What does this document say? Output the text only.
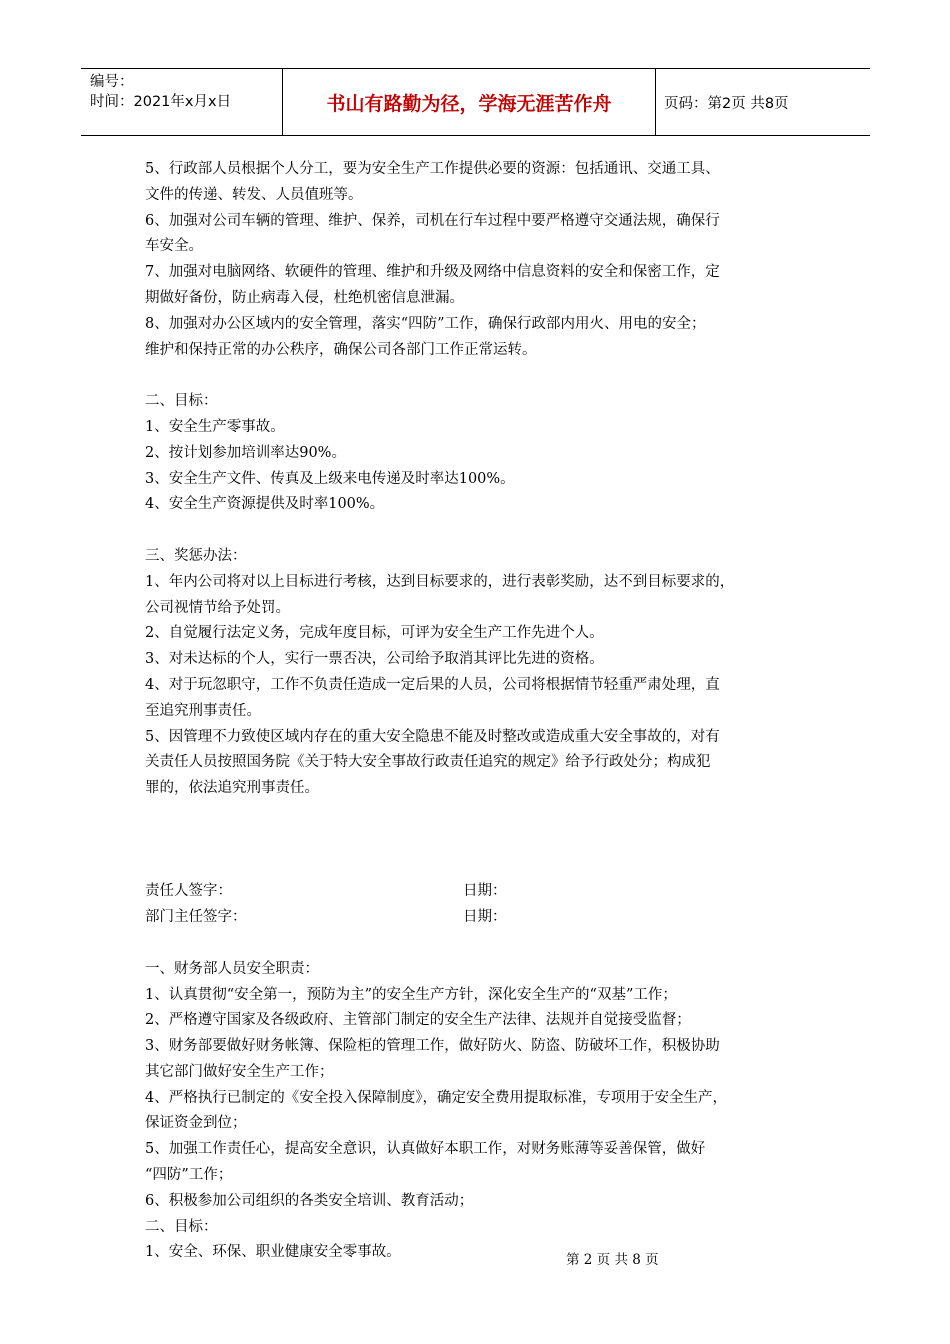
编号：
时间：2021年x月x日	书山有路勤为径，学海无涯苦作舟	页码：第2页 共8页

5、行政部人员根据个人分工，要为安全生产工作提供必要的资源：包括通讯、交通工具、

文件的传递、转发、人员值班等。

6、加强对公司车辆的管理、维护、保养，司机在行车过程中要严格遵守交通法规，确保行

车安全。

7、加强对电脑网络、软硬件的管理、维护和升级及网络中信息资料的安全和保密工作，定

期做好备份，防止病毒入侵，杜绝机密信息泄漏。

8、加强对办公区域内的安全管理，落实“四防”工作，确保行政部内用火、用电的安全；

维护和保持正常的办公秩序，确保公司各部门工作正常运转。

二、目标：

1、安全生产零事故。

2、按计划参加培训率达90%。

3、安全生产文件、传真及上级来电传递及时率达100%。

4、安全生产资源提供及时率100%。

三、奖惩办法：

1、年内公司将对以上目标进行考核，达到目标要求的，进行表彰奖励，达不到目标要求的，

公司视情节给予处罚。

2、自觉履行法定义务，完成年度目标，可评为安全生产工作先进个人。

3、对未达标的个人，实行一票否决，公司给予取消其评比先进的资格。

4、对于玩忽职守，工作不负责任造成一定后果的人员，公司将根据情节轻重严肃处理，直

至追究刑事责任。

5、因管理不力致使区域内存在的重大安全隐患不能及时整改或造成重大安全事故的，对有

关责任人员按照国务院《关于特大安全事故行政责任追究的规定》给予行政处分；构成犯

罪的，依法追究刑事责任。

责任人签字：	日期：
部门主任签字：	日期：

一、财务部人员安全职责：

1、认真贯彻“安全第一，预防为主”的安全生产方针，深化安全生产的“双基”工作；

2、严格遵守国家及各级政府、主管部门制定的安全生产法律、法规并自觉接受监督；

3、财务部要做好财务帐簿、保险柜的管理工作，做好防火、防盗、防破坏工作，积极协助

其它部门做好安全生产工作；

4、严格执行已制定的《安全投入保障制度》，确定安全费用提取标准，专项用于安全生产，

保证资金到位；

5、加强工作责任心，提高安全意识，认真做好本职工作，对财务账薄等妥善保管，做好

“四防”工作；

6、积极参加公司组织的各类安全培训、教育活动；

二、目标：

1、安全、环保、职业健康安全零事故。	第 2 页 共 8 页
